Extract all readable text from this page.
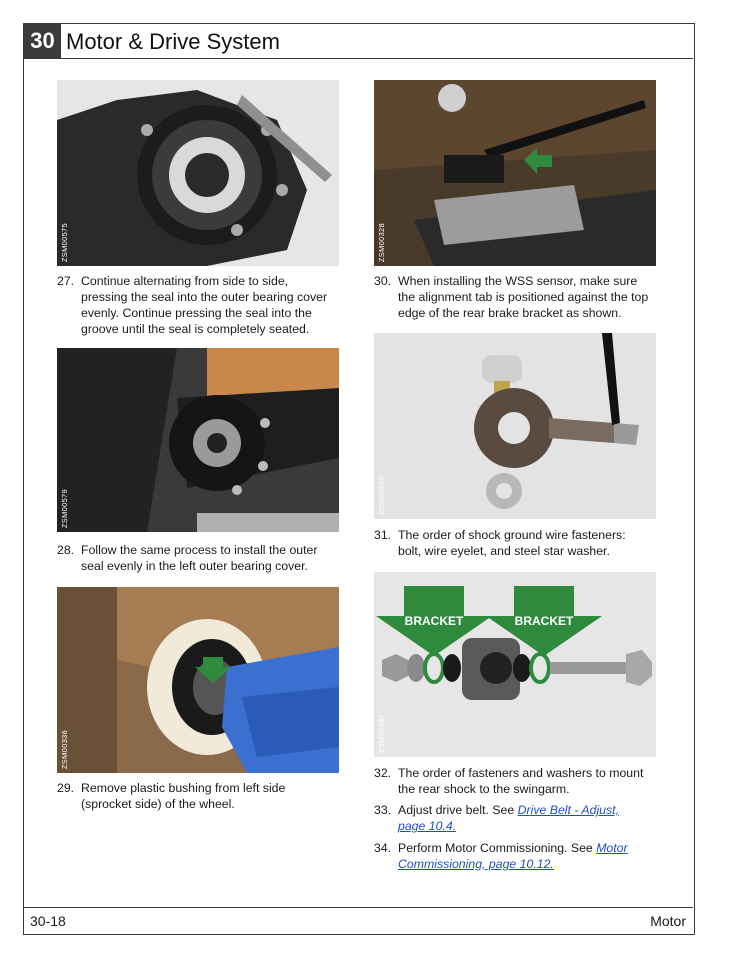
30 Motor & Drive System
30-18	Motor
ZSM00575
ZSM00579
ZSM00336
ZSM00328
ZSM00366
BRACKET	BRACKET
ZSM00367
27. Continue alternating from side to side,
pressing the seal into the outer bearing cover
evenly. Continue pressing the seal into the
groove until the seal is completely seated.
28. Follow the same process to install the outer
seal evenly in the left outer bearing cover.
29. Remove plastic bushing from left side
(sprocket side) of the wheel.
30. When installing the WSS sensor, make sure
the alignment tab is positioned against the top
edge of the rear brake bracket as shown.
31. The order of shock ground wire fasteners:
bolt, wire eyelet, and steel star washer.
32. The order of fasteners and washers to mount
the rear shock to the swingarm.
33. Adjust drive belt. See Drive Belt - Adjust,
page 10.4.
34. Perform Motor Commissioning. See Motor
Commissioning, page 10.12.
